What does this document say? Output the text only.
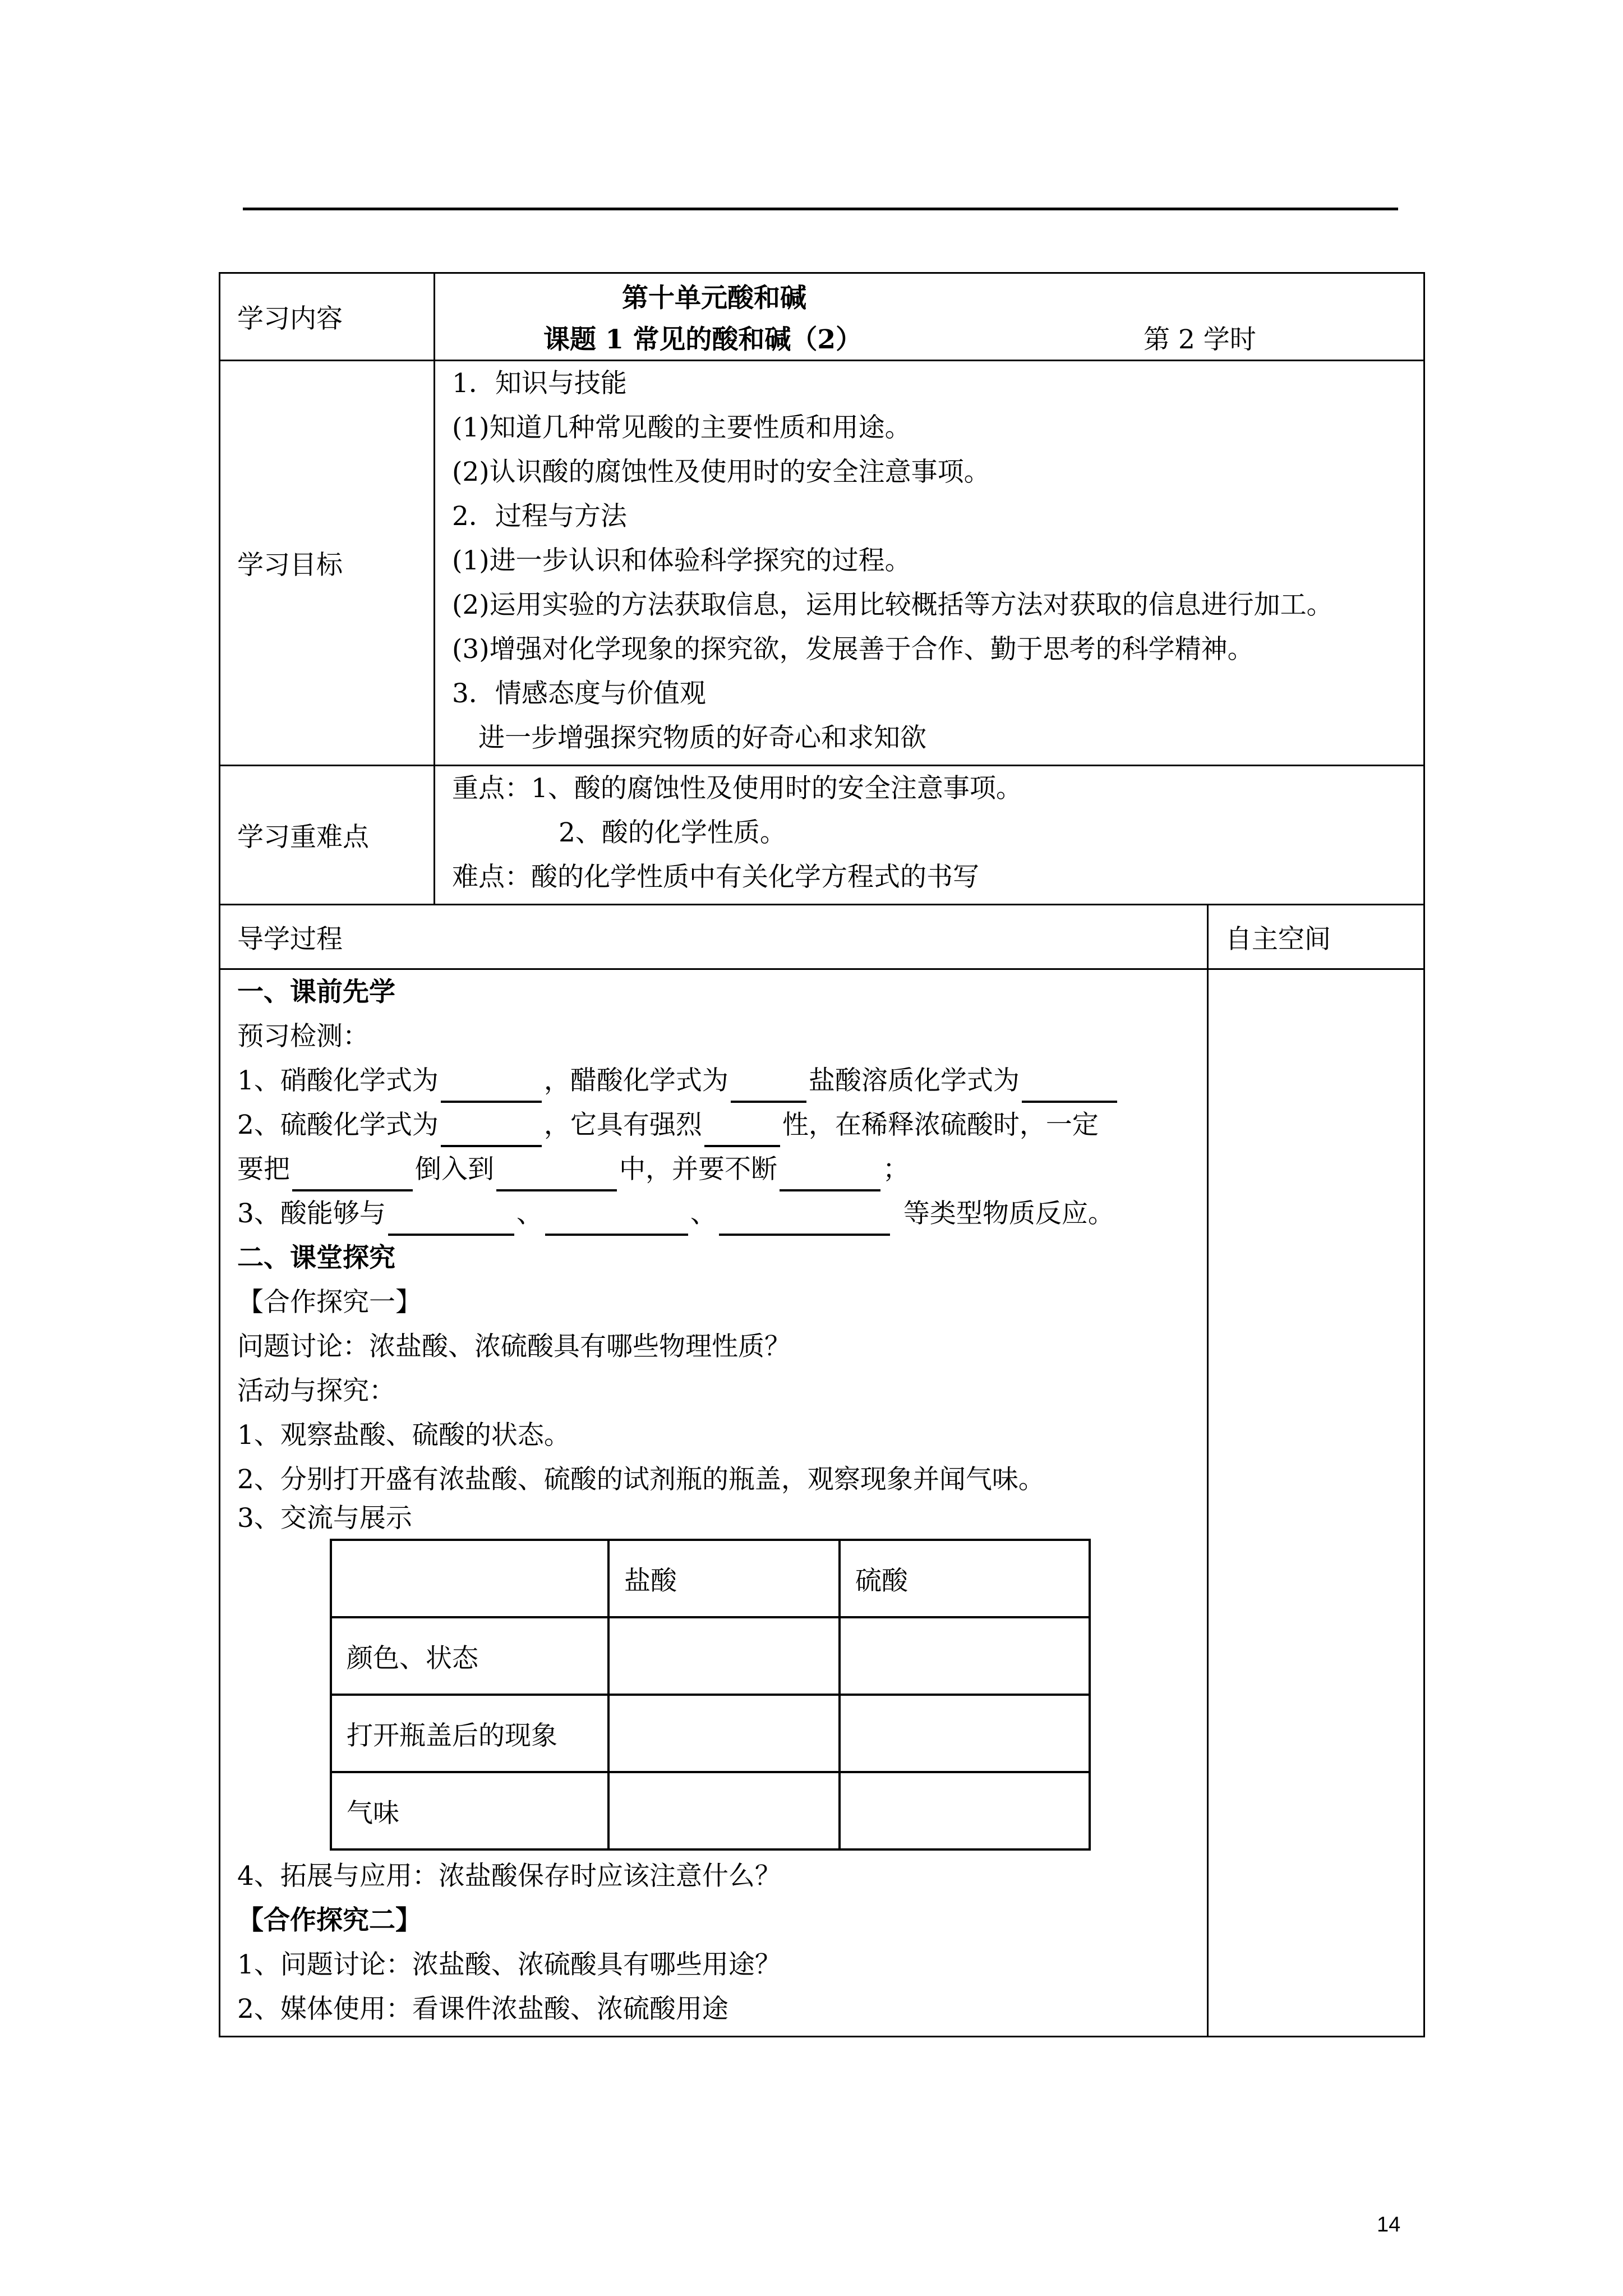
学习内容	
第十单元酸和碱
课题 1 常见的酸和碱（2）	第 2 学时

学习目标	
1．知识与技能
(1)知道几种常见酸的主要性质和用途。
(2)认识酸的腐蚀性及使用时的安全注意事项。
2．过程与方法
(1)进一步认识和体验科学探究的过程。
(2)运用实验的方法获取信息，运用比较概括等方法对获取的信息进行加工。
(3)增强对化学现象的探究欲，发展善于合作、勤于思考的科学精神。
3．情感态度与价值观
进一步增强探究物质的好奇心和求知欲

学习重难点	
重点：1、酸的腐蚀性及使用时的安全注意事项。
2、酸的化学性质。
难点：酸的化学性质中有关化学方程式的书写

导学过程	自主空间

一、课前先学
预习检测：
1、硝酸化学式为	，醋酸化学式为	盐酸溶质化学式为
2、硫酸化学式为	，它具有强烈	性，在稀释浓硫酸时，一定
要把	倒入到	中，并要不断	；
3、酸能够与	、	、	等类型物质反应。
二、课堂探究
【合作探究一】
问题讨论：浓盐酸、浓硫酸具有哪些物理性质？
活动与探究：
1、观察盐酸、硫酸的状态。
2、分别打开盛有浓盐酸、硫酸的试剂瓶的瓶盖，观察现象并闻气味。
3、交流与展示
	盐酸	硫酸
颜色、状态		
打开瓶盖后的现象		
气味		
4、拓展与应用：浓盐酸保存时应该注意什么？
【合作探究二】
1、问题讨论：浓盐酸、浓硫酸具有哪些用途？
2、媒体使用：看课件浓盐酸、浓硫酸用途

14
